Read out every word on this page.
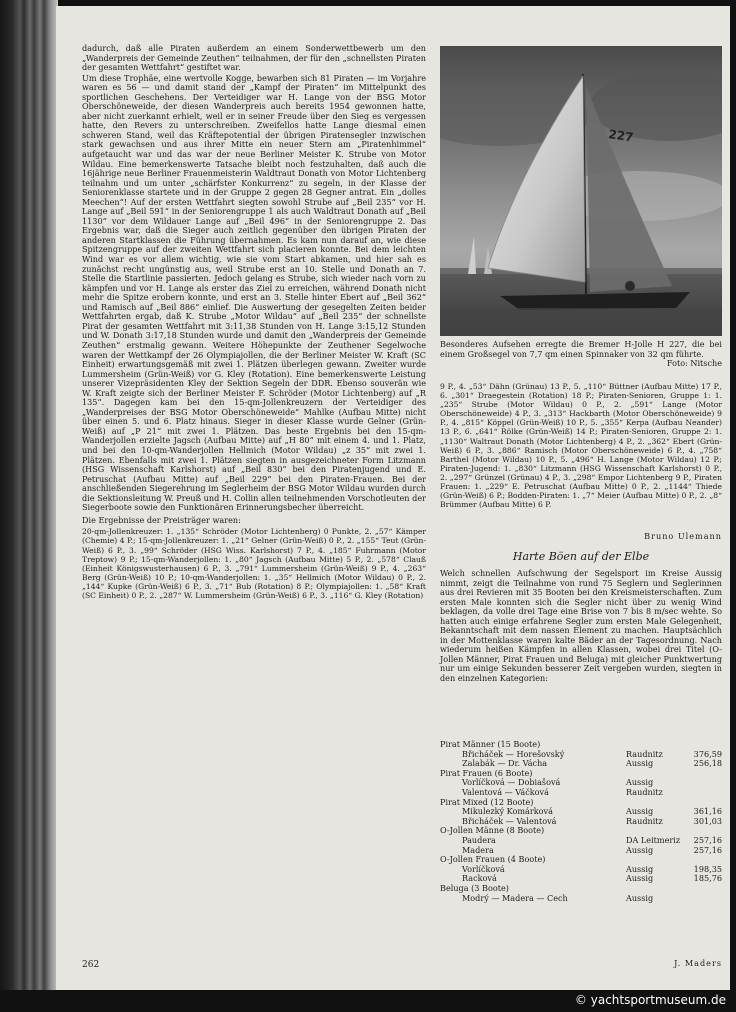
dadurch, daß alle Piraten außerdem an einem Sonderwettbewerb um den „Wanderpreis der Gemeinde Zeuthen“ teilnahmen, der für den „schnellsten Piraten der gesamten Wettfahrt“ gestiftet war.

Um diese Trophäe, eine wertvolle Kogge, bewarben sich 81 Piraten — im Vorjahre waren es 56 — und damit stand der „Kampf der Piraten“ im Mittelpunkt des sportlichen Geschehens. Der Verteidiger war H. Lange von der BSG Motor Oberschöneweide, der diesen Wanderpreis auch bereits 1954 gewonnen hatte, aber nicht zuerkannt erhielt, weil er in seiner Freude über den Sieg es vergessen hatte, den Revers zu unterschreiben. Zweifellos hatte Lange diesmal einen schweren Stand, weil das Kräftepotential der übrigen Piratensegler inzwischen stark gewachsen und aus ihrer Mitte ein neuer Stern am „Piratenhimmel“ aufgetaucht war und das war der neue Berliner Meister K. Strube von Motor Wildau. Eine bemerkenswerte Tatsache bleibt noch festzuhalten, daß auch die 16jährige neue Berliner Frauenmeisterin Waldtraut Donath von Motor Lichtenberg teilnahm und um unter „schärfster Konkurrenz“ zu segeln, in der Klasse der Seniorenklasse startete und in der Gruppe 2 gegen 28 Gegner antrat. Ein „dolles Meechen“! Auf der ersten Wettfahrt siegten sowohl Strube auf „Beil 235“ vor H. Lange auf „Beil 591“ in der Seniorengruppe 1 als auch Waldtraut Donath auf „Beil 1130“ vor dem Wildauer Lange auf „Beil 496“ in der Seniorengruppe 2. Das Ergebnis war, daß die Sieger auch zeitlich gegenüber den übrigen Piraten der anderen Startklassen die Führung übernahmen. Es kam nun darauf an, wie diese Spitzengruppe auf der zweiten Wettfahrt sich placieren konnte. Bei dem leichten Wind war es vor allem wichtig, wie sie vom Start abkamen, und hier sah es zunächst recht ungünstig aus, weil Strube erst an 10. Stelle und Donath an 7. Stelle die Startlinie passierten. Jedoch gelang es Strube, sich wieder nach vorn zu kämpfen und vor H. Lange als erster das Ziel zu erreichen, während Donath nicht mehr die Spitze erobern konnte, und erst an 3. Stelle hinter Ebert auf „Beil 362“ und Ramisch auf „Beil 886“ einlief. Die Auswertung der gesegelten Zeiten beider Wettfahrten ergab, daß K. Strube „Motor Wildau“ auf „Beil 235“ der schnellste Pirat der gesamten Wettfahrt mit 3:11,38 Stunden von H. Lange 3:15,12 Stunden und W. Donath 3:17,18 Stunden wurde und damit den „Wanderpreis der Gemeinde Zeuthen“ erstmalig gewann. Weitere Höhepunkte der Zeuthener Segelwoche waren der Wettkampf der 26 Olympiajollen, die der Berliner Meister W. Kraft (SC Einheit) erwartungsgemäß mit zwei 1. Plätzen überlegen gewann. Zweiter wurde Lummersheim (Grün-Weiß) vor G. Kley (Rotation). Eine bemerkenswerte Leistung unserer Vizepräsidenten Kley der Sektion Segeln der DDR. Ebenso souverän wie W. Kraft zeigte sich der Berliner Meister F. Schröder (Motor Lichtenberg) auf „R 135“. Dagegen kam bei den 15-qm-Jollenkreuzern der Verteidiger des „Wanderpreises der BSG Motor Oberschöneweide“ Mahlke (Aufbau Mitte) nicht über einen 5. und 6. Platz hinaus. Sieger in dieser Klasse wurde Gelner (Grün-Weiß) auf „P 21“ mit zwei 1. Plätzen. Das beste Ergebnis bei den 15-qm-Wanderjollen erzielte Jagsch (Aufbau Mitte) auf „H 80“ mit einem 4. und 1. Platz, und bei den 10-qm-Wanderjollen Hellmich (Motor Wildau) „z 35“ mit zwei 1. Plätzen. Ebenfalls mit zwei 1. Plätzen siegten in ausgezeichneter Form Litzmann (HSG Wissenschaft Karlshorst) auf „Beil 830“ bei den Piratenjugend und E. Petruschat (Aufbau Mitte) auf „Beil 229“ bei den Piraten-Frauen. Bei der anschließenden Siegerehrung im Seglerheim der BSG Motor Wildau wurden durch die Sektionsleitung W. Preuß und H. Collin allen teilnehmenden Vorschotleuten der Siegerboote sowie den Funktionären Erinnerungsbecher überreicht.

Die Ergebnisse der Preisträger waren:

20-qm-Jollenkreuzer: 1. „135“ Schröder (Motor Lichtenberg) 0 Punkte, 2. „57“ Kämper (Chemie) 4 P.; 15-qm-Jollenkreuzer: 1. „21“ Gelner (Grün-Weiß) 0 P., 2. „155“ Teut (Grün-Weiß) 6 P., 3. „99“ Schröder (HSG Wiss. Karlshorst) 7 P., 4. „185“ Fuhrmann (Motor Treptow) 9 P.; 15-qm-Wanderjollen: 1. „80“ Jagsch (Aufbau Mitte) 5 P., 2. „578“ Clauß (Einheit Königswusterhausen) 6 P., 3. „791“ Lummersheim (Grün-Weiß) 9 P., 4. „263“ Berg (Grün-Weiß) 10 P.; 10-qm-Wanderjollen: 1. „35“ Hellmich (Motor Wildau) 0 P., 2. „144“ Kupke (Grün-Weiß) 6 P., 3. „71“ Bub (Rotation) 8 P.; Olympiajollen: 1. „58“ Kraft (SC Einheit) 0 P., 2. „287“ W. Lummersheim (Grün-Weiß) 6 P., 3. „116“ G. Kley (Rotation)

227

Besonderes Aufsehen erregte die Bremer H-Jolle H 227, die bei einem Großsegel von 7,7 qm einen Spinnaker von 32 qm führte.

Foto: Nitsche

9 P., 4. „53“ Dähn (Grünau) 13 P., 5. „110“ Büttner (Aufbau Mitte) 17 P., 6. „301“ Draegestein (Rotation) 18 P.; Piraten-Senioren, Gruppe 1: 1. „235“ Strube (Motor Wildau) 0 P., 2. „591“ Lange (Motor Oberschöneweide) 4 P., 3. „313“ Hackbarth (Motor Oberschöneweide) 9 P., 4. „815“ Köppel (Grün-Weiß) 10 P., 5. „355“ Kerpa (Aufbau Neander) 13 P., 6. „641“ Rölke (Grün-Weiß) 14 P.; Piraten-Senioren, Gruppe 2: 1. „1130“ Waltraut Donath (Motor Lichtenberg) 4 P., 2. „362“ Ebert (Grün-Weiß) 6 P., 3. „886“ Ramisch (Motor Oberschöneweide) 6 P., 4. „758“ Barthel (Motor Wildau) 10 P., 5. „496“ H. Lange (Motor Wildau) 12 P.; Piraten-Jugend: 1. „830“ Litzmann (HSG Wissenschaft Karlshorst) 0 P., 2. „297“ Grünzel (Grünau) 4 P., 3. „298“ Empor Lichtenberg 9 P., Piraten Frauen: 1. „229“ E. Petruschat (Aufbau Mitte) 0 P., 2. „1144“ Thiede (Grün-Weiß) 6 P.; Bodden-Piraten: 1. „7“ Meier (Aufbau Mitte) 0 P., 2. „8“ Brümmer (Aufbau Mitte) 6 P.

Bruno Ulemann
Harte Böen auf der Elbe

Welch schnellen Aufschwung der Segelsport im Kreise Aussig nimmt, zeigt die Teilnahme von rund 75 Seglern und Seglerinnen aus drei Revieren mit 35 Booten bei den Kreismeisterschaften. Zum ersten Male konnten sich die Segler nicht über zu wenig Wind beklagen, da volle drei Tage eine Brise von 7 bis 8 m/sec wehte. So hatten auch einige erfahrene Segler zum ersten Male Gelegenheit, Bekanntschaft mit dem nassen Element zu machen. Hauptsächlich in der Mottenklasse waren kalte Bäder an der Tagesordnung. Nach wiederum heißen Kämpfen in allen Klassen, wobei drei Titel (O-Jollen Männer, Pirat Frauen und Beluga) mit gleicher Punktwertung nur um einige Sekunden besserer Zeit vergeben wurden, siegten in den einzelnen Kategorien:

Pirat Männer (15 Boote)
Břicháček — Horešovský	Raudnitz	376,59
Zalabák — Dr. Vácha	Aussig	256,18
Pirat Frauen (6 Boote)
Vorlíčková — Dobiašová	Aussig
Valentová — Váčková	Raudnitz
Pirat Mixed (12 Boote)
Mikulezký Komárková	Aussig	361,16
Břicháček — Valentová	Raudnitz	301,03
O-Jollen Männe (8 Boote)
Paudera	DA Leitmeriz 257,16
Madera	Aussig	257,16
O-Jollen Frauen (4 Boote)
Vorlíčková	Aussig	198,35
Racková	Aussig	185,76
Beluga (3 Boote)
Modrý — Madera — Cech	Aussig
J. Maders
262
© yachtsportmuseum.de
